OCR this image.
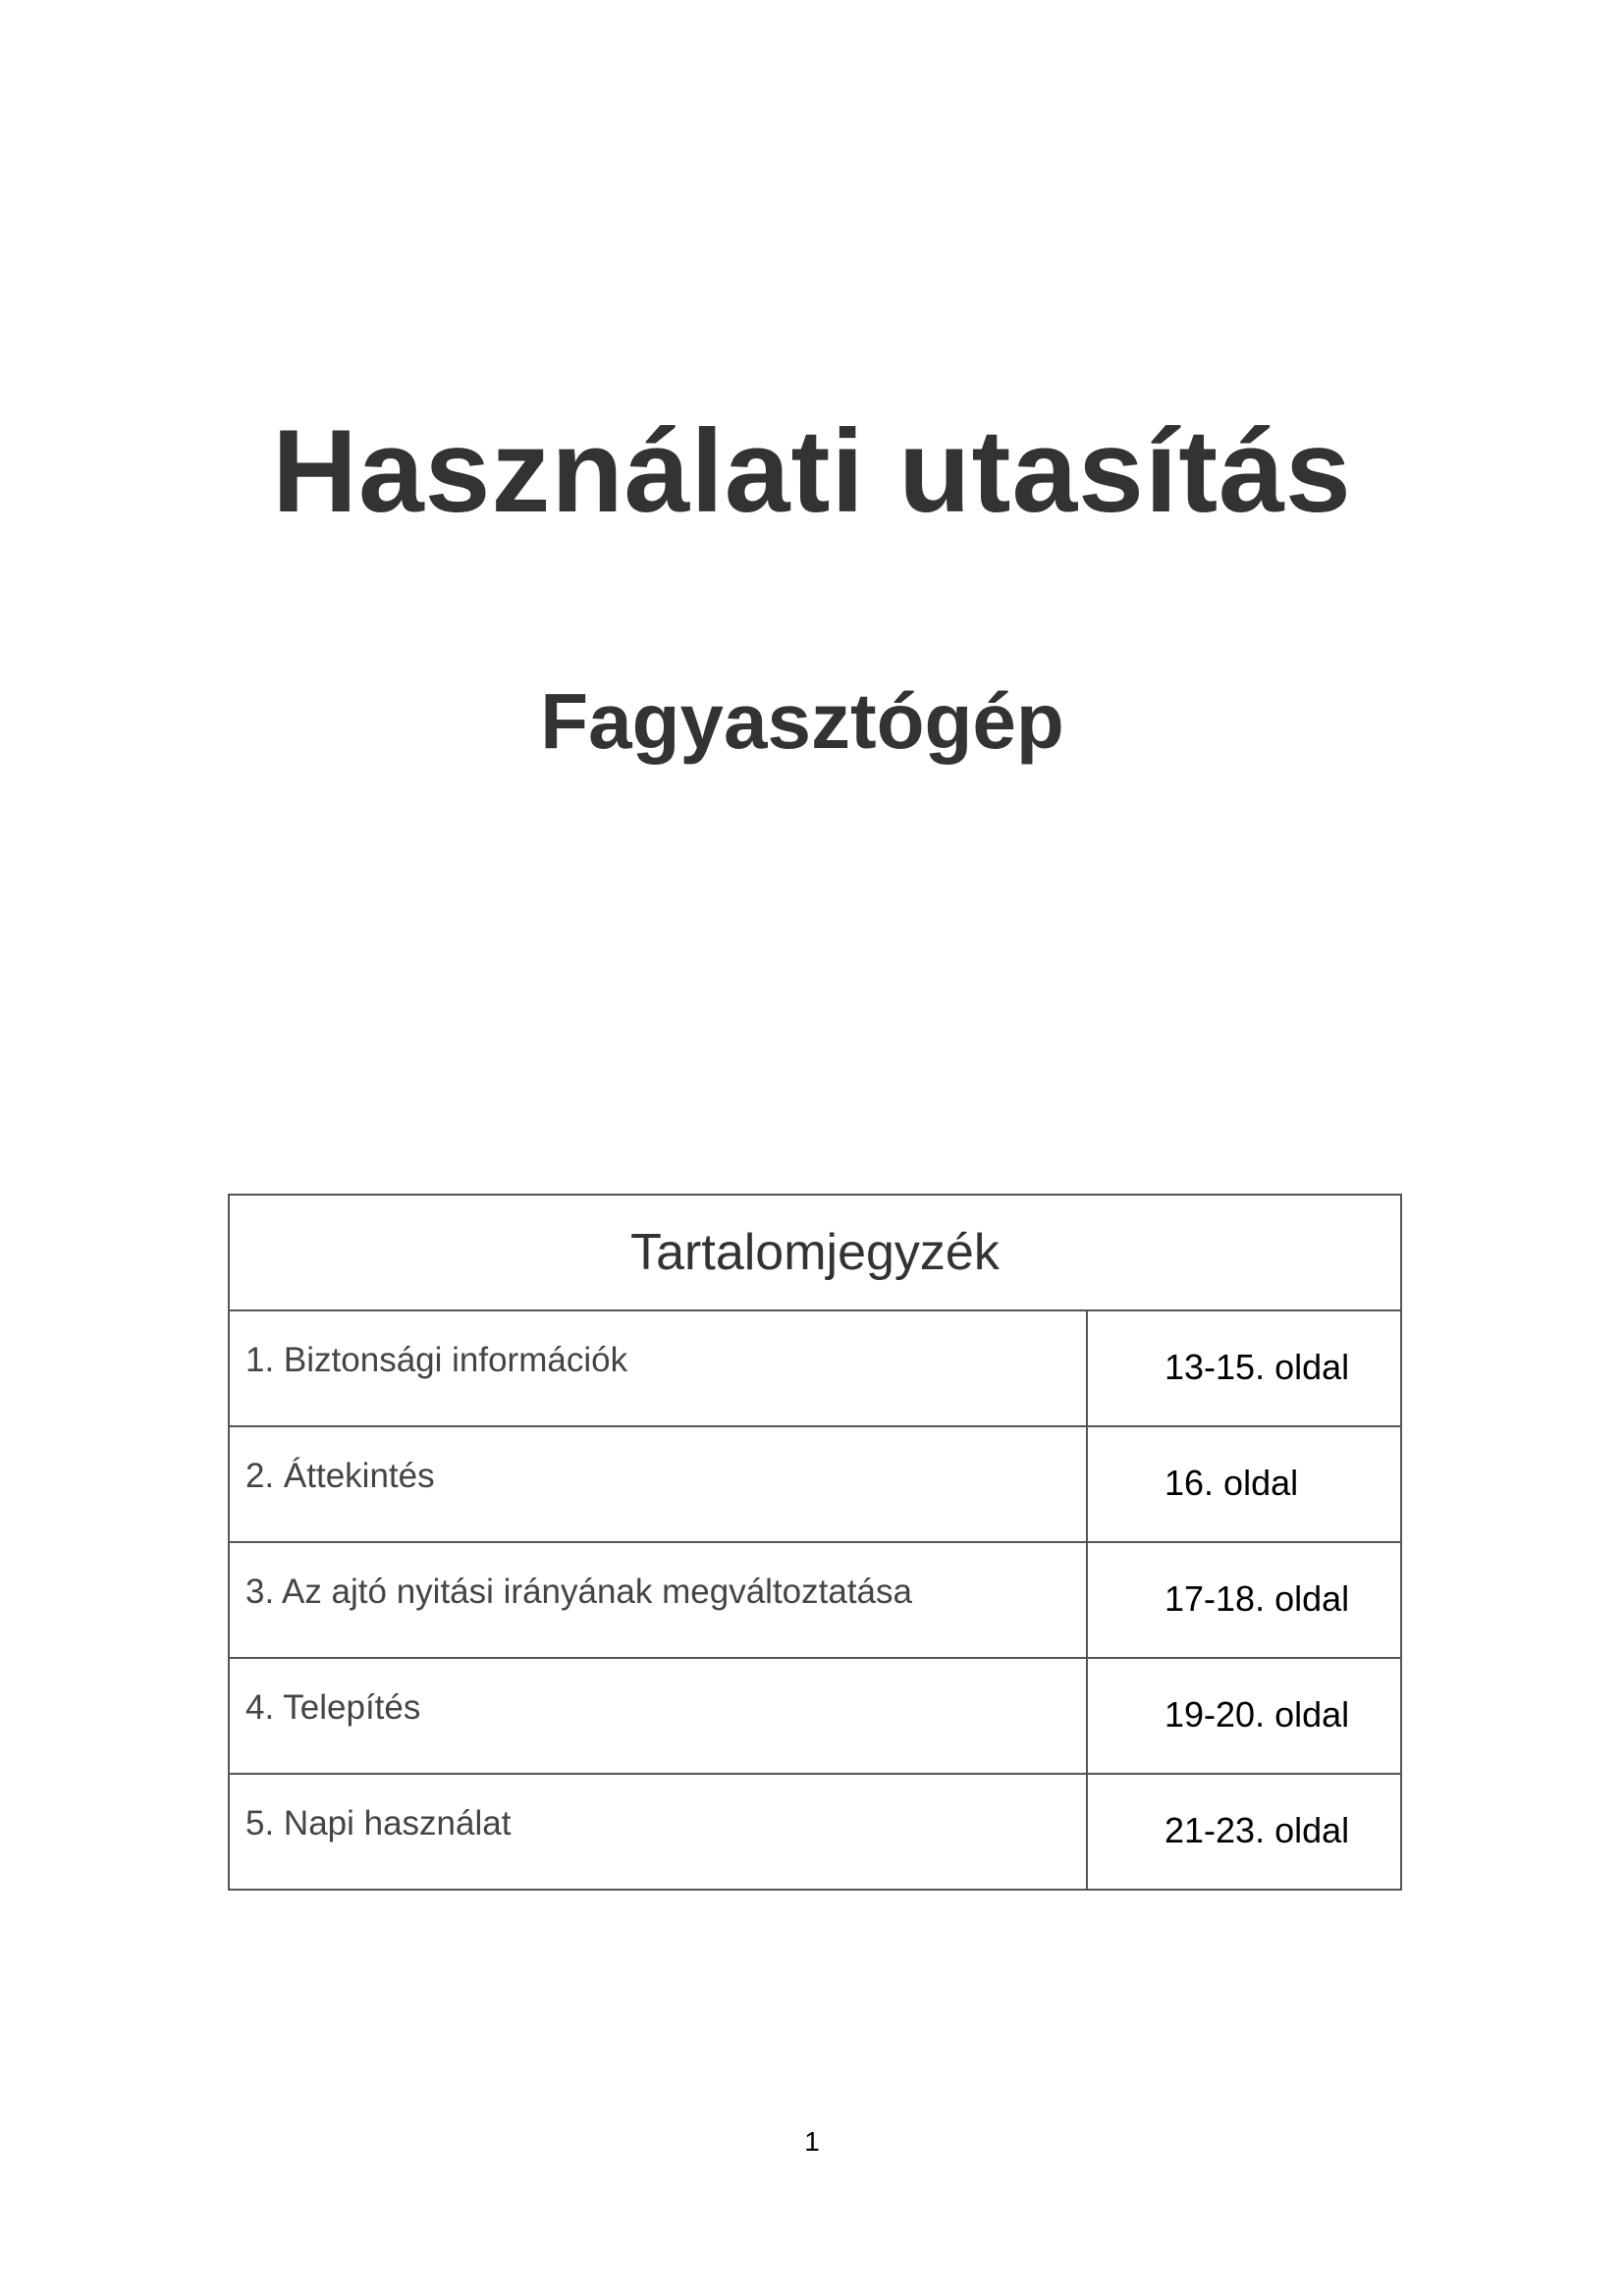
Használati utasítás
Fagyasztógép
Tartalomjegyzék
1. Biztonsági információk	13-15. oldal
2. Áttekintés	16. oldal
3. Az ajtó nyitási irányának megváltoztatása	17-18. oldal
4. Telepítés	19-20. oldal
5. Napi használat	21-23. oldal
1
